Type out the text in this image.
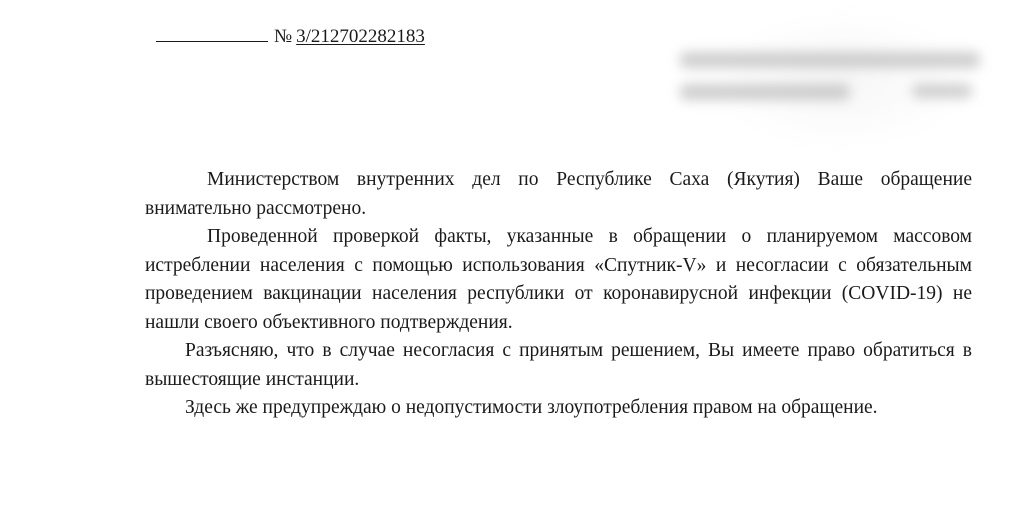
№ 3/212702282183

Министерством внутренних дел по Республике Саха (Якутия) Ваше обращение внимательно рассмотрено.

Проведенной проверкой факты, указанные в обращении о планируемом массовом истреблении населения с помощью использования «Спутник-V» и несогласии с обязательным проведением вакцинации населения республики от коронавирусной инфекции (COVID-19) не нашли своего объективного подтверждения.

Разъясняю, что в случае несогласия с принятым решением, Вы имеете право обратиться в вышестоящие инстанции.

Здесь же предупреждаю о недопустимости злоупотребления правом на обращение.
